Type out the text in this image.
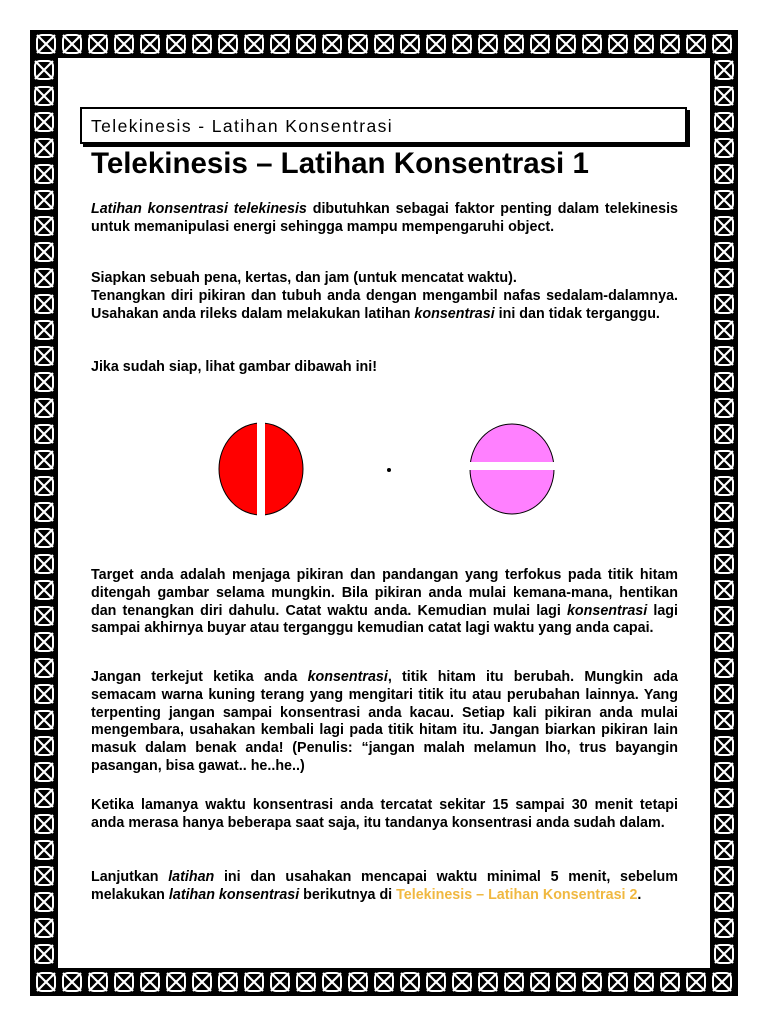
Telekinesis - Latihan Konsentrasi
Telekinesis – Latihan Konsentrasi 1
Latihan konsentrasi telekinesis dibutuhkan sebagai faktor penting dalam telekinesis untuk memanipulasi energi sehingga mampu mempengaruhi object.
Siapkan sebuah pena, kertas, dan jam (untuk mencatat waktu).
Tenangkan diri pikiran dan tubuh anda dengan mengambil nafas sedalam-dalamnya. Usahakan anda rileks dalam melakukan latihan konsentrasi ini dan tidak terganggu.
Jika sudah siap, lihat gambar dibawah ini!
Target anda adalah menjaga pikiran dan pandangan yang terfokus pada titik hitam ditengah gambar selama mungkin. Bila pikiran anda mulai kemana-mana, hentikan dan tenangkan diri dahulu. Catat waktu anda. Kemudian mulai lagi konsentrasi lagi sampai akhirnya buyar atau terganggu kemudian catat lagi waktu yang anda capai.
Jangan terkejut ketika anda konsentrasi, titik hitam itu berubah. Mungkin ada semacam warna kuning terang yang mengitari titik itu atau perubahan lainnya. Yang terpenting jangan sampai konsentrasi anda kacau. Setiap kali pikiran anda mulai mengembara, usahakan kembali lagi pada titik hitam itu. Jangan biarkan pikiran lain masuk dalam benak anda! (Penulis: “jangan malah melamun lho, trus bayangin pasangan, bisa gawat.. he..he..)
Ketika lamanya waktu konsentrasi anda tercatat sekitar 15 sampai 30 menit tetapi anda merasa hanya beberapa saat saja, itu tandanya konsentrasi anda sudah dalam.
Lanjutkan latihan ini dan usahakan mencapai waktu minimal 5 menit, sebelum melakukan latihan konsentrasi berikutnya di Telekinesis – Latihan Konsentrasi 2.
